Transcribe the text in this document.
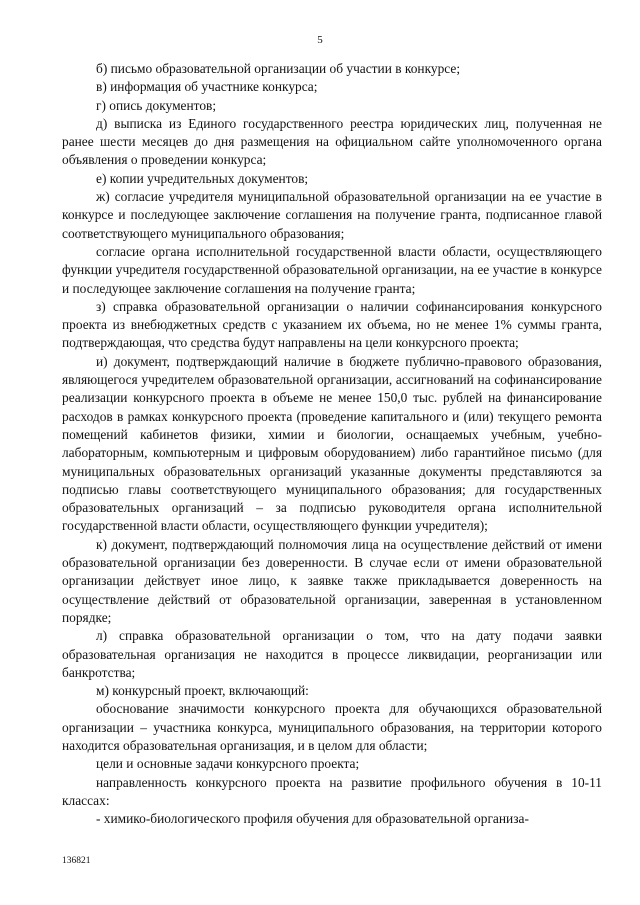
5

б) письмо образовательной организации об участии в конкурсе;

в) информация об участнике конкурса;

г) опись документов;

д) выписка из Единого государственного реестра юридических лиц, полученная не ранее шести месяцев до дня размещения на официальном сайте уполномоченного органа объявления о проведении конкурса;

е) копии учредительных документов;

ж) согласие учредителя муниципальной образовательной организации на ее участие в конкурсе и последующее заключение соглашения на получение гранта, подписанное главой соответствующего муниципального образования;

согласие органа исполнительной государственной власти области, осуществляющего функции учредителя государственной образовательной организации, на ее участие в конкурсе и последующее заключение соглашения на получение гранта;

з) справка образовательной организации о наличии софинансирования конкурсного проекта из внебюджетных средств с указанием их объема, но не менее 1% суммы гранта, подтверждающая, что средства будут направлены на цели конкурсного проекта;

и) документ, подтверждающий наличие в бюджете публично-правового образования, являющегося учредителем образовательной организации, ассигнований на софинансирование реализации конкурсного проекта в объеме не менее 150,0 тыс. рублей на финансирование расходов в рамках конкурсного проекта (проведение капитального и (или) текущего ремонта помещений кабинетов физики, химии и биологии, оснащаемых учебным, учебно-лабораторным, компьютерным и цифровым оборудованием) либо гарантийное письмо (для муниципальных образовательных организаций указанные документы представляются за подписью главы соответствующего муниципального образования; для государственных образовательных организаций – за подписью руководителя органа исполнительной государственной власти области, осуществляющего функции учредителя);

к) документ, подтверждающий полномочия лица на осуществление действий от имени образовательной организации без доверенности. В случае если от имени образовательной организации действует иное лицо, к заявке также прикладывается доверенность на осуществление действий от образовательной организации, заверенная в установленном порядке;

л) справка образовательной организации о том, что на дату подачи заявки образовательная организация не находится в процессе ликвидации, реорганизации или банкротства;

м) конкурсный проект, включающий:

обоснование значимости конкурсного проекта для обучающихся образовательной организации – участника конкурса, муниципального образования, на территории которого находится образовательная организация, и в целом для области;

цели и основные задачи конкурсного проекта;

направленность конкурсного проекта на развитие профильного обучения в 10-11 классах:

- химико-биологического профиля обучения для образовательной организа-

136821
